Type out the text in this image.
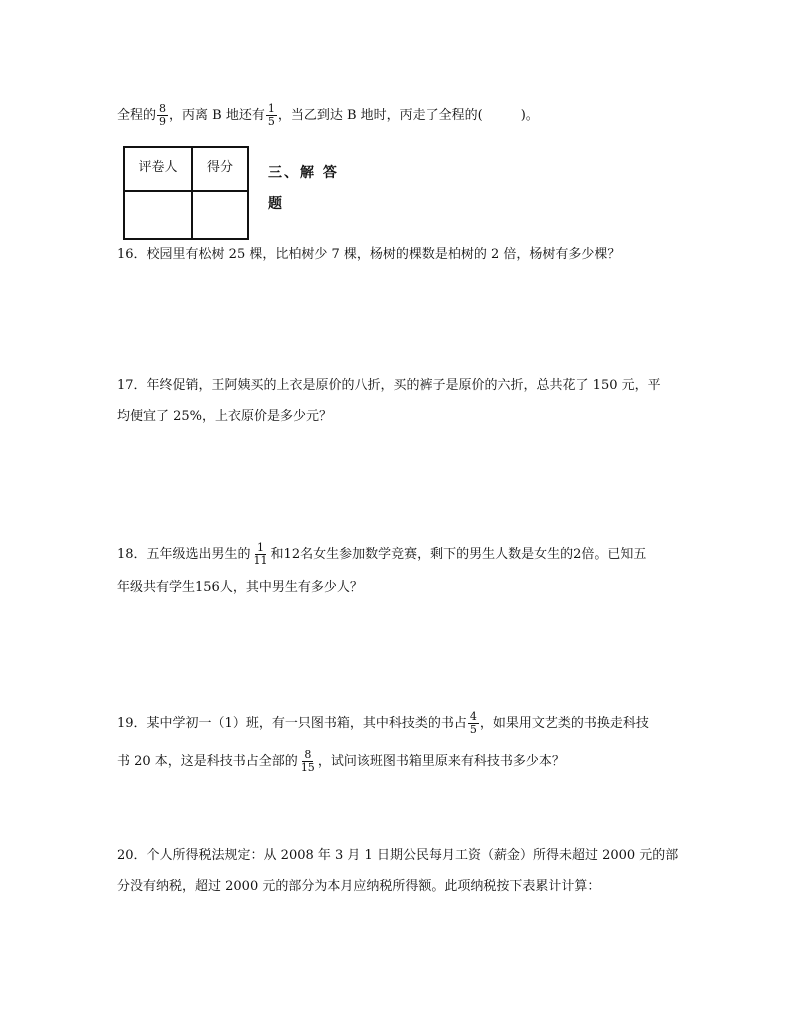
全程的 $\frac{8}{9}$ ，丙离 B 地还有 $\frac{1}{5}$ ，当乙到达 B 地时，丙走了全程的(	)。
评卷人	得分
		三、解 答
题
16．校园里有松树 25 棵，比柏树少 7 棵，杨树的棵数是柏树的 2 倍，杨树有多少棵？
17．年终促销，王阿姨买的上衣是原价的八折，买的裤子是原价的六折，总共花了 150 元，平
均便宜了 25%，上衣原价是多少元？
18．五年级选出男生的 $\frac{1}{11}$ 和12名女生参加数学竞赛，剩下的男生人数是女生的2倍。已知五
年级共有学生156人，其中男生有多少人？
19．某中学初一（1）班，有一只图书箱，其中科技类的书占 $\frac{4}{5}$ ，如果用文艺类的书换走科技
书 20 本，这是科技书占全部的 $\frac{8}{15}$ ，试问该班图书箱里原来有科技书多少本？
20．个人所得税法规定：从 2008 年 3 月 1 日期公民每月工资（薪金）所得未超过 2000 元的部
分没有纳税，超过 2000 元的部分为本月应纳税所得额。此项纳税按下表累计计算：
